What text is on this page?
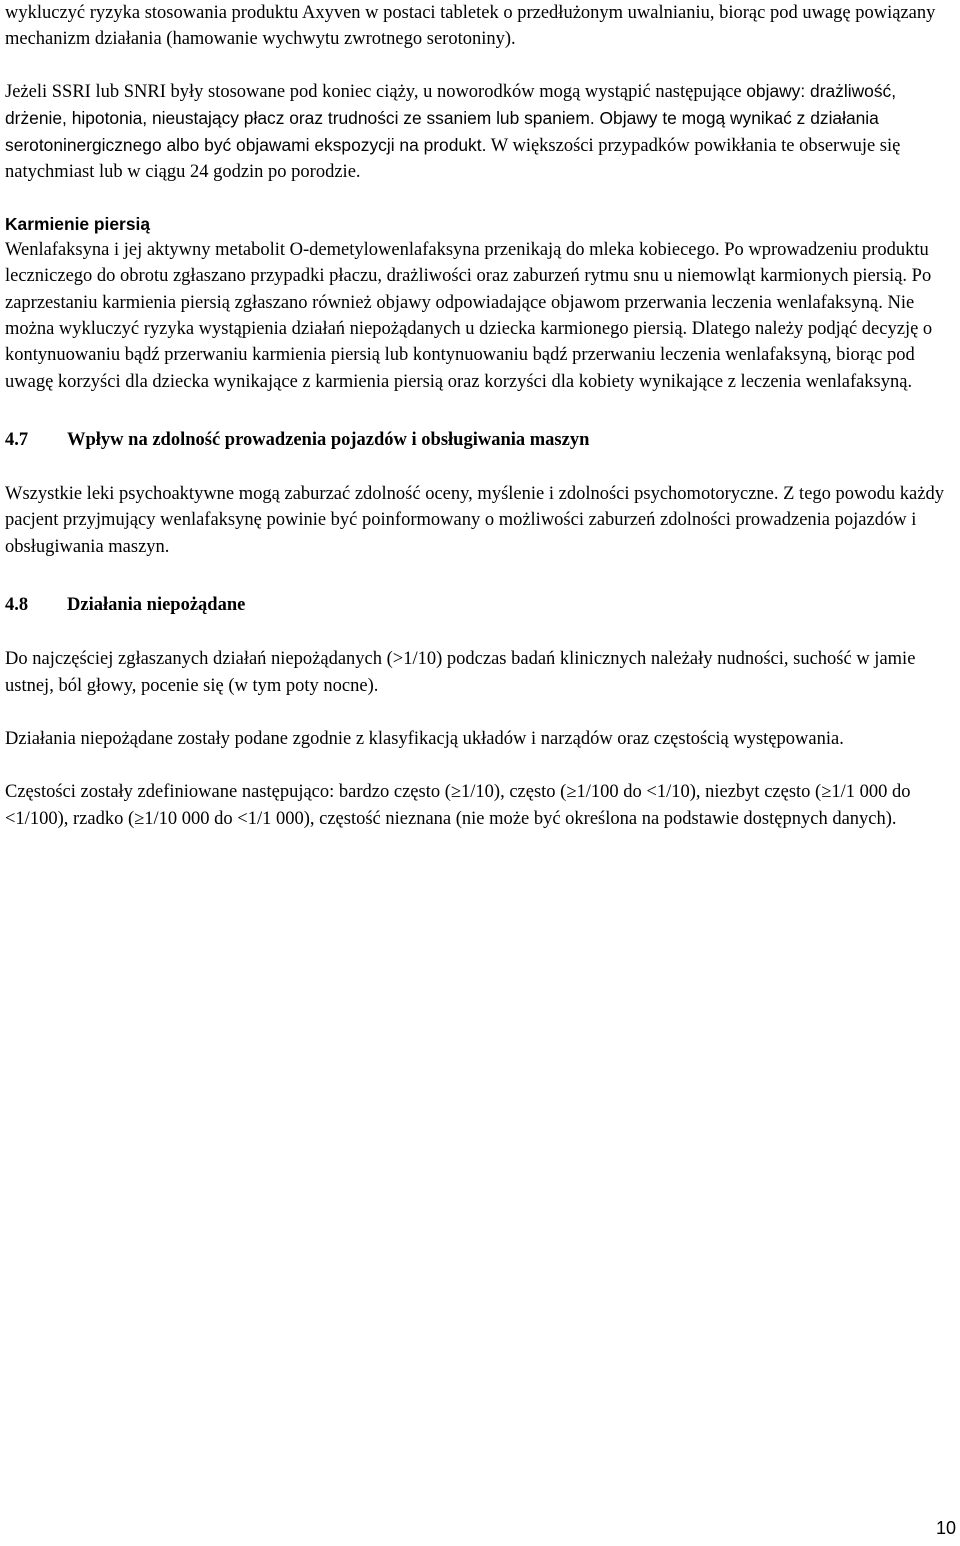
wykluczyć ryzyka stosowania produktu Axyven w postaci tabletek o przedłużonym uwalnianiu, biorąc pod uwagę powiązany mechanizm działania (hamowanie wychwytu zwrotnego serotoniny).

Jeżeli SSRI lub SNRI były stosowane pod koniec ciąży, u noworodków mogą wystąpić następujące objawy: drażliwość, drżenie, hipotonia, nieustający płacz oraz trudności ze ssaniem lub spaniem. Objawy te mogą wynikać z działania serotoninergicznego albo być objawami ekspozycji na produkt. W większości przypadków powikłania te obserwuje się natychmiast lub w ciągu 24 godzin po porodzie.

Karmienie piersią

Wenlafaksyna i jej aktywny metabolit O-demetylowenlafaksyna przenikają do mleka kobiecego. Po wprowadzeniu produktu leczniczego do obrotu zgłaszano przypadki płaczu, drażliwości oraz zaburzeń rytmu snu u niemowląt karmionych piersią. Po zaprzestaniu karmienia piersią zgłaszano również objawy odpowiadające objawom przerwania leczenia wenlafaksyną. Nie można wykluczyć ryzyka wystąpienia działań niepożądanych u dziecka karmionego piersią. Dlatego należy podjąć decyzję o kontynuowaniu bądź przerwaniu karmienia piersią lub kontynuowaniu bądź przerwaniu leczenia wenlafaksyną, biorąc pod uwagę korzyści dla dziecka wynikające z karmienia piersią oraz korzyści dla kobiety wynikające z leczenia wenlafaksyną.

4.7	Wpływ na zdolność prowadzenia pojazdów i obsługiwania maszyn

Wszystkie leki psychoaktywne mogą zaburzać zdolność oceny, myślenie i zdolności psychomotoryczne. Z tego powodu każdy pacjent przyjmujący wenlafaksynę powinie być poinformowany o możliwości zaburzeń zdolności prowadzenia pojazdów i obsługiwania maszyn.

4.8	Działania niepożądane

Do najczęściej zgłaszanych działań niepożądanych (>1/10) podczas badań klinicznych należały nudności, suchość w jamie ustnej, ból głowy, pocenie się (w tym poty nocne).

Działania niepożądane zostały podane zgodnie z klasyfikacją układów i narządów oraz częstością występowania.

Częstości zostały zdefiniowane następująco: bardzo często (≥1/10), często (≥1/100 do <1/10), niezbyt często (≥1/1 000 do <1/100), rzadko (≥1/10 000 do <1/1 000), częstość nieznana (nie może być określona na podstawie dostępnych danych).

10
